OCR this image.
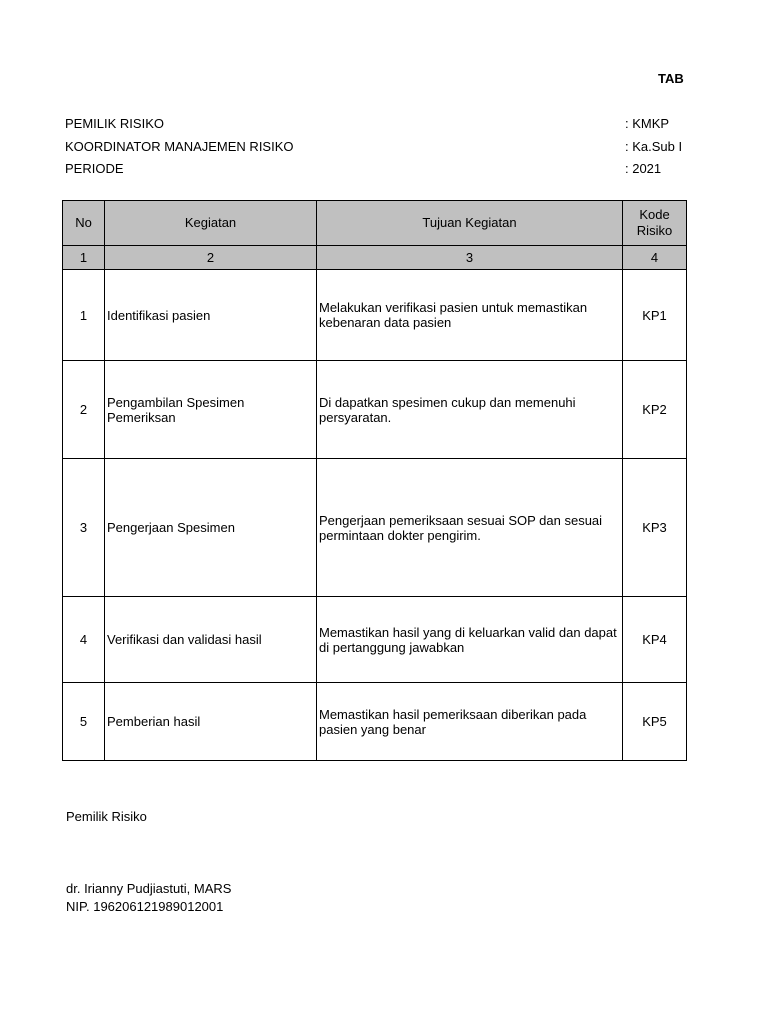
TAB
PEMILIK RISIKO	: KMKP
KOORDINATOR MANAJEMEN RISIKO	: Ka.Sub I
PERIODE	: 2021
No	Kegiatan	Tujuan Kegiatan	Kode Risiko
1	2	3	4
1	Identifikasi pasien	Melakukan verifikasi pasien untuk memastikan kebenaran data pasien	KP1
2	Pengambilan Spesimen Pemeriksan	Di dapatkan spesimen cukup dan memenuhi persyaratan.	KP2
3	Pengerjaan Spesimen	Pengerjaan pemeriksaan sesuai SOP dan sesuai permintaan dokter pengirim.	KP3
4	Verifikasi dan validasi hasil	Memastikan hasil yang di keluarkan valid dan dapat di pertanggung jawabkan	KP4
5	Pemberian hasil	Memastikan hasil pemeriksaan diberikan pada pasien yang benar	KP5
Pemilik Risiko
dr. Irianny Pudjiastuti, MARS
NIP. 196206121989012001
